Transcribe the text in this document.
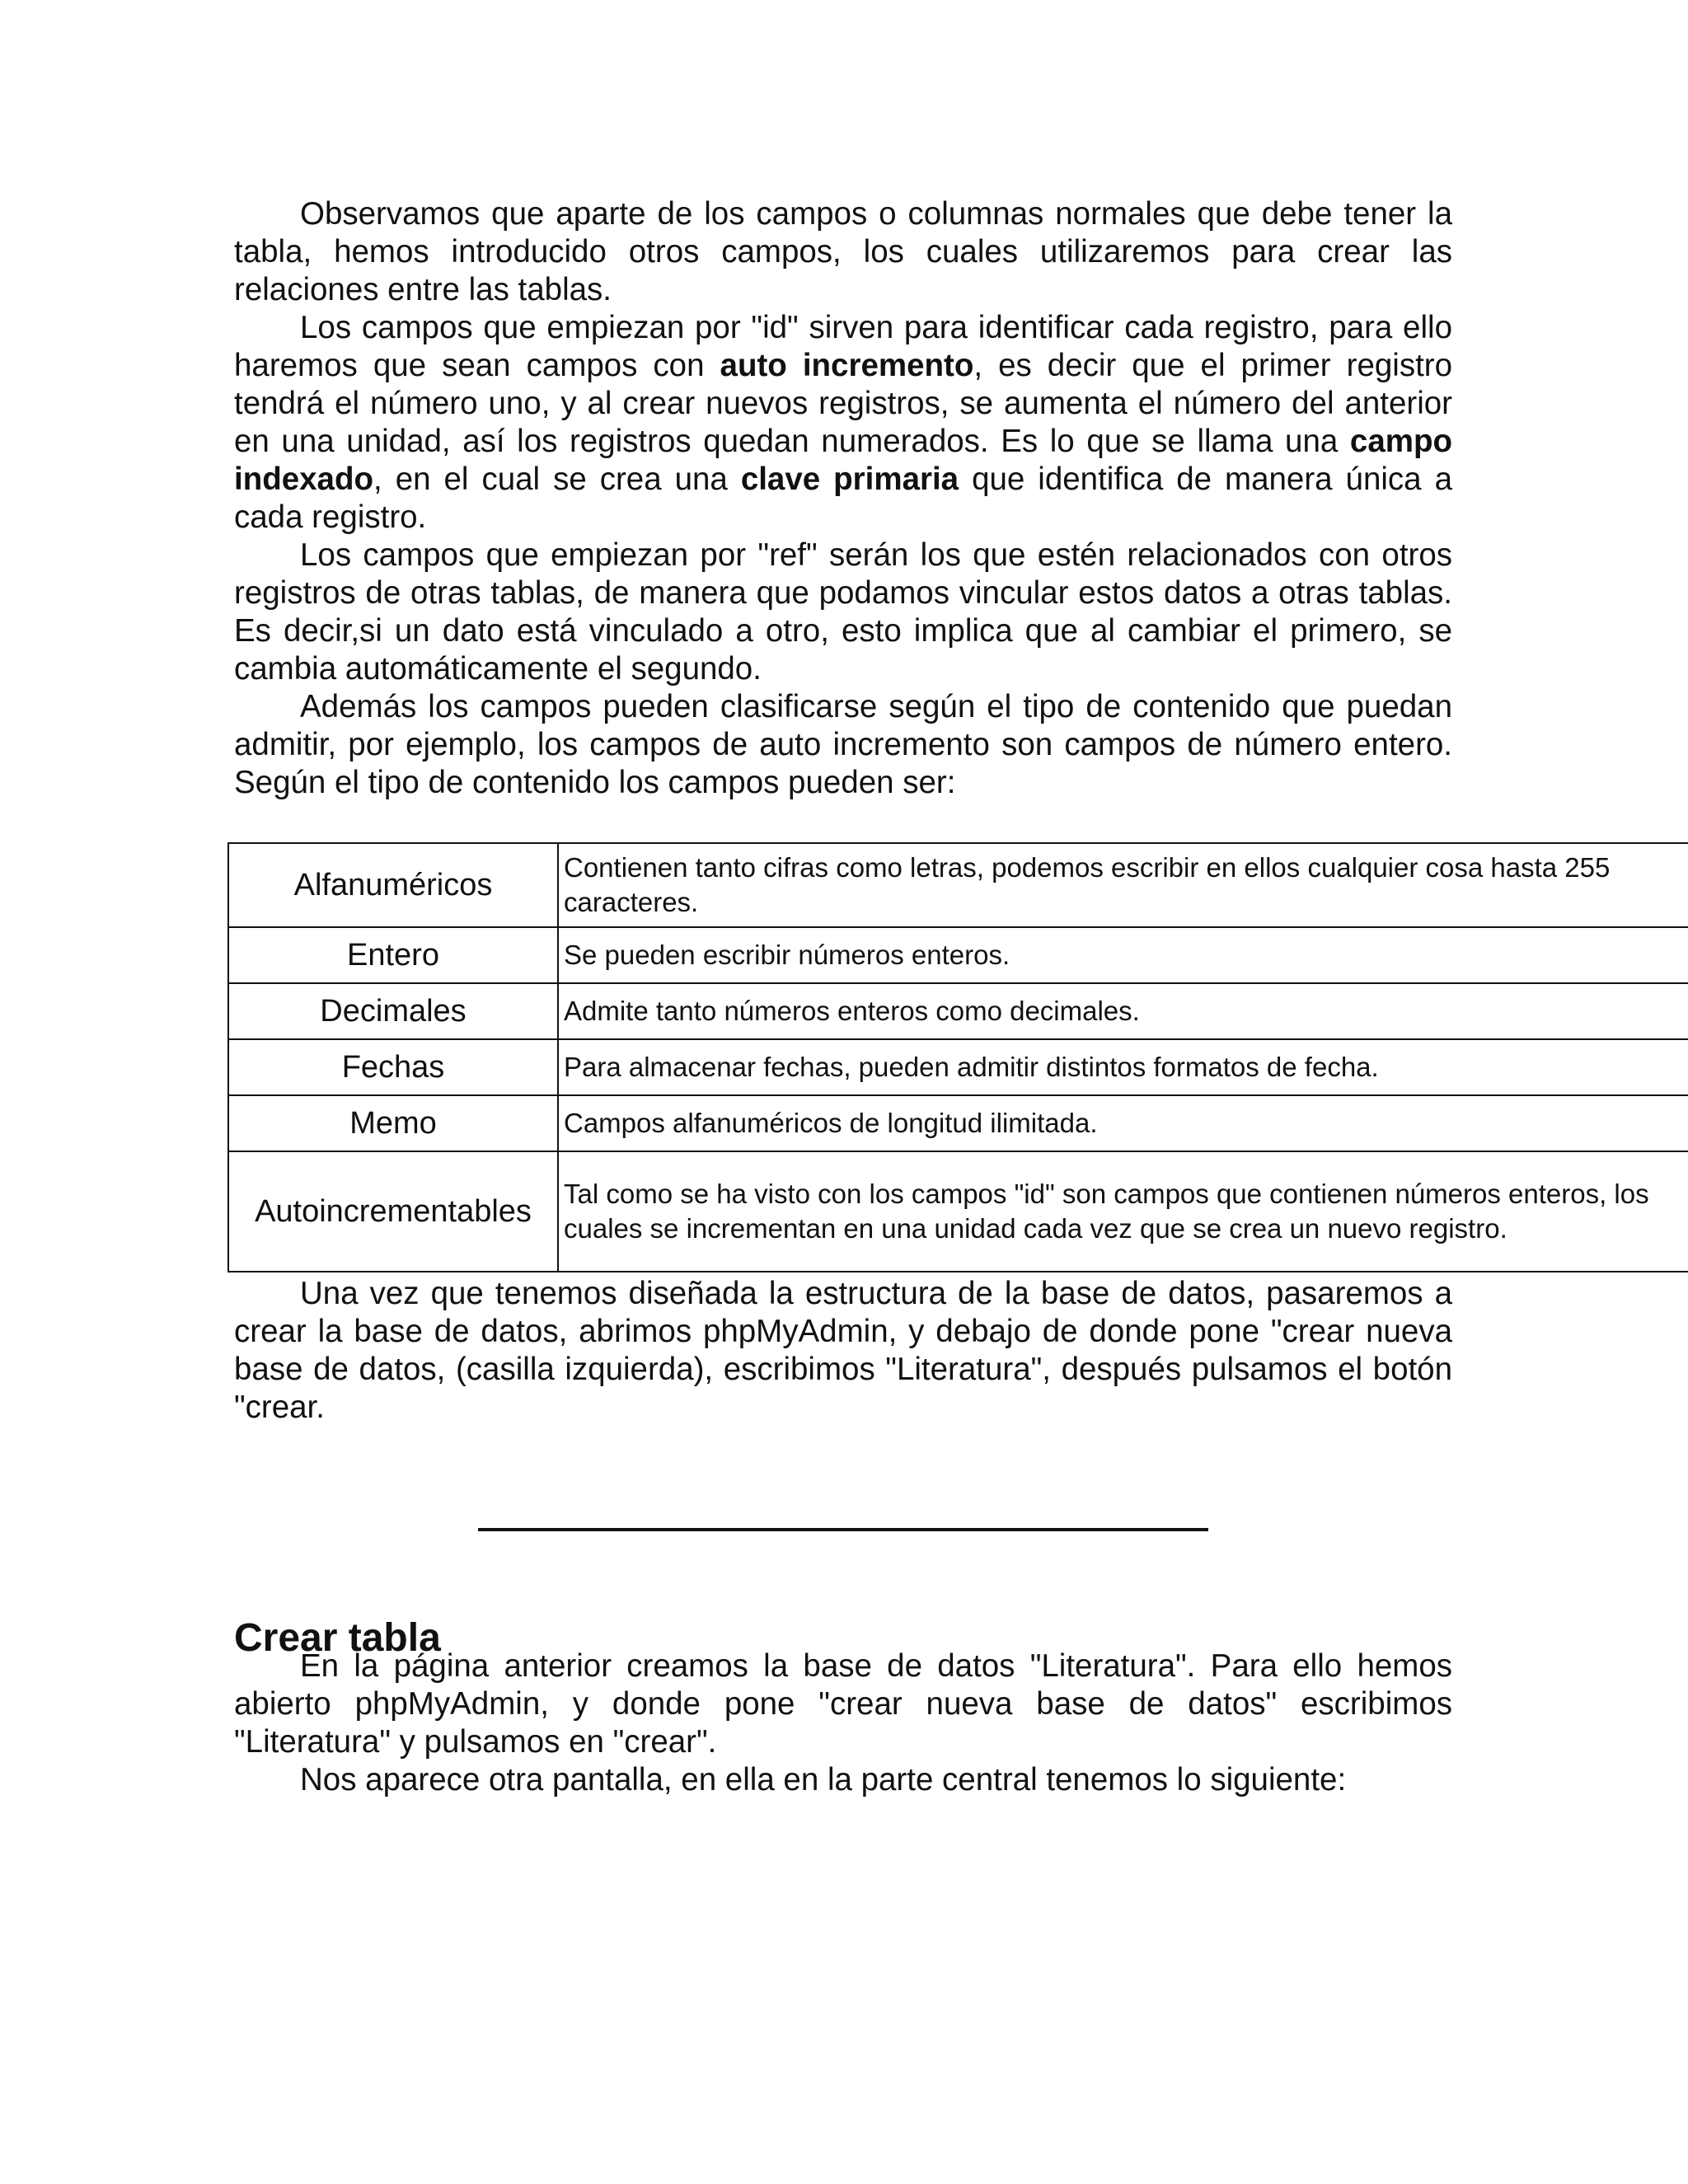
Observamos que aparte de los campos o columnas normales que debe tener la tabla, hemos introducido otros campos, los cuales utilizaremos para crear las relaciones entre las tablas.

Los campos que empiezan por "id" sirven para identificar cada registro, para ello haremos que sean campos con auto incremento, es decir que el primer registro tendrá el número uno, y al crear nuevos registros, se aumenta el número del anterior en una unidad, así los registros quedan numerados. Es lo que se llama una campo indexado, en el cual se crea una clave primaria que identifica de manera única a cada registro.

Los campos que empiezan por "ref" serán los que estén relacionados con otros registros de otras tablas, de manera que podamos vincular estos datos a otras tablas. Es decir,si un dato está vinculado a otro, esto implica que al cambiar el primero, se cambia automáticamente el segundo.

Además los campos pueden clasificarse según el tipo de contenido que puedan admitir, por ejemplo, los campos de auto incremento son campos de número entero. Según el tipo de contenido los campos pueden ser:

Alfanuméricos	Contienen tanto cifras como letras, podemos escribir en ellos cualquier cosa hasta 255 caracteres.
Entero	Se pueden escribir números enteros.
Decimales	Admite tanto números enteros como decimales.
Fechas	Para almacenar fechas, pueden admitir distintos formatos de fecha.
Memo	Campos alfanuméricos de longitud ilimitada.
Autoincrementables	Tal como se ha visto con los campos "id" son campos que contienen números enteros, los cuales se incrementan en una unidad cada vez que se crea un nuevo registro.

Una vez que tenemos diseñada la estructura de la base de datos, pasaremos a crear la base de datos, abrimos phpMyAdmin, y debajo de donde pone "crear nueva base de datos, (casilla izquierda), escribimos "Literatura", después pulsamos el botón "crear.

Crear tabla

En la página anterior creamos la base de datos "Literatura". Para ello hemos abierto phpMyAdmin, y donde pone "crear nueva base de datos" escribimos "Literatura" y pulsamos en "crear".

Nos aparece otra pantalla, en ella en la parte central tenemos lo siguiente:
